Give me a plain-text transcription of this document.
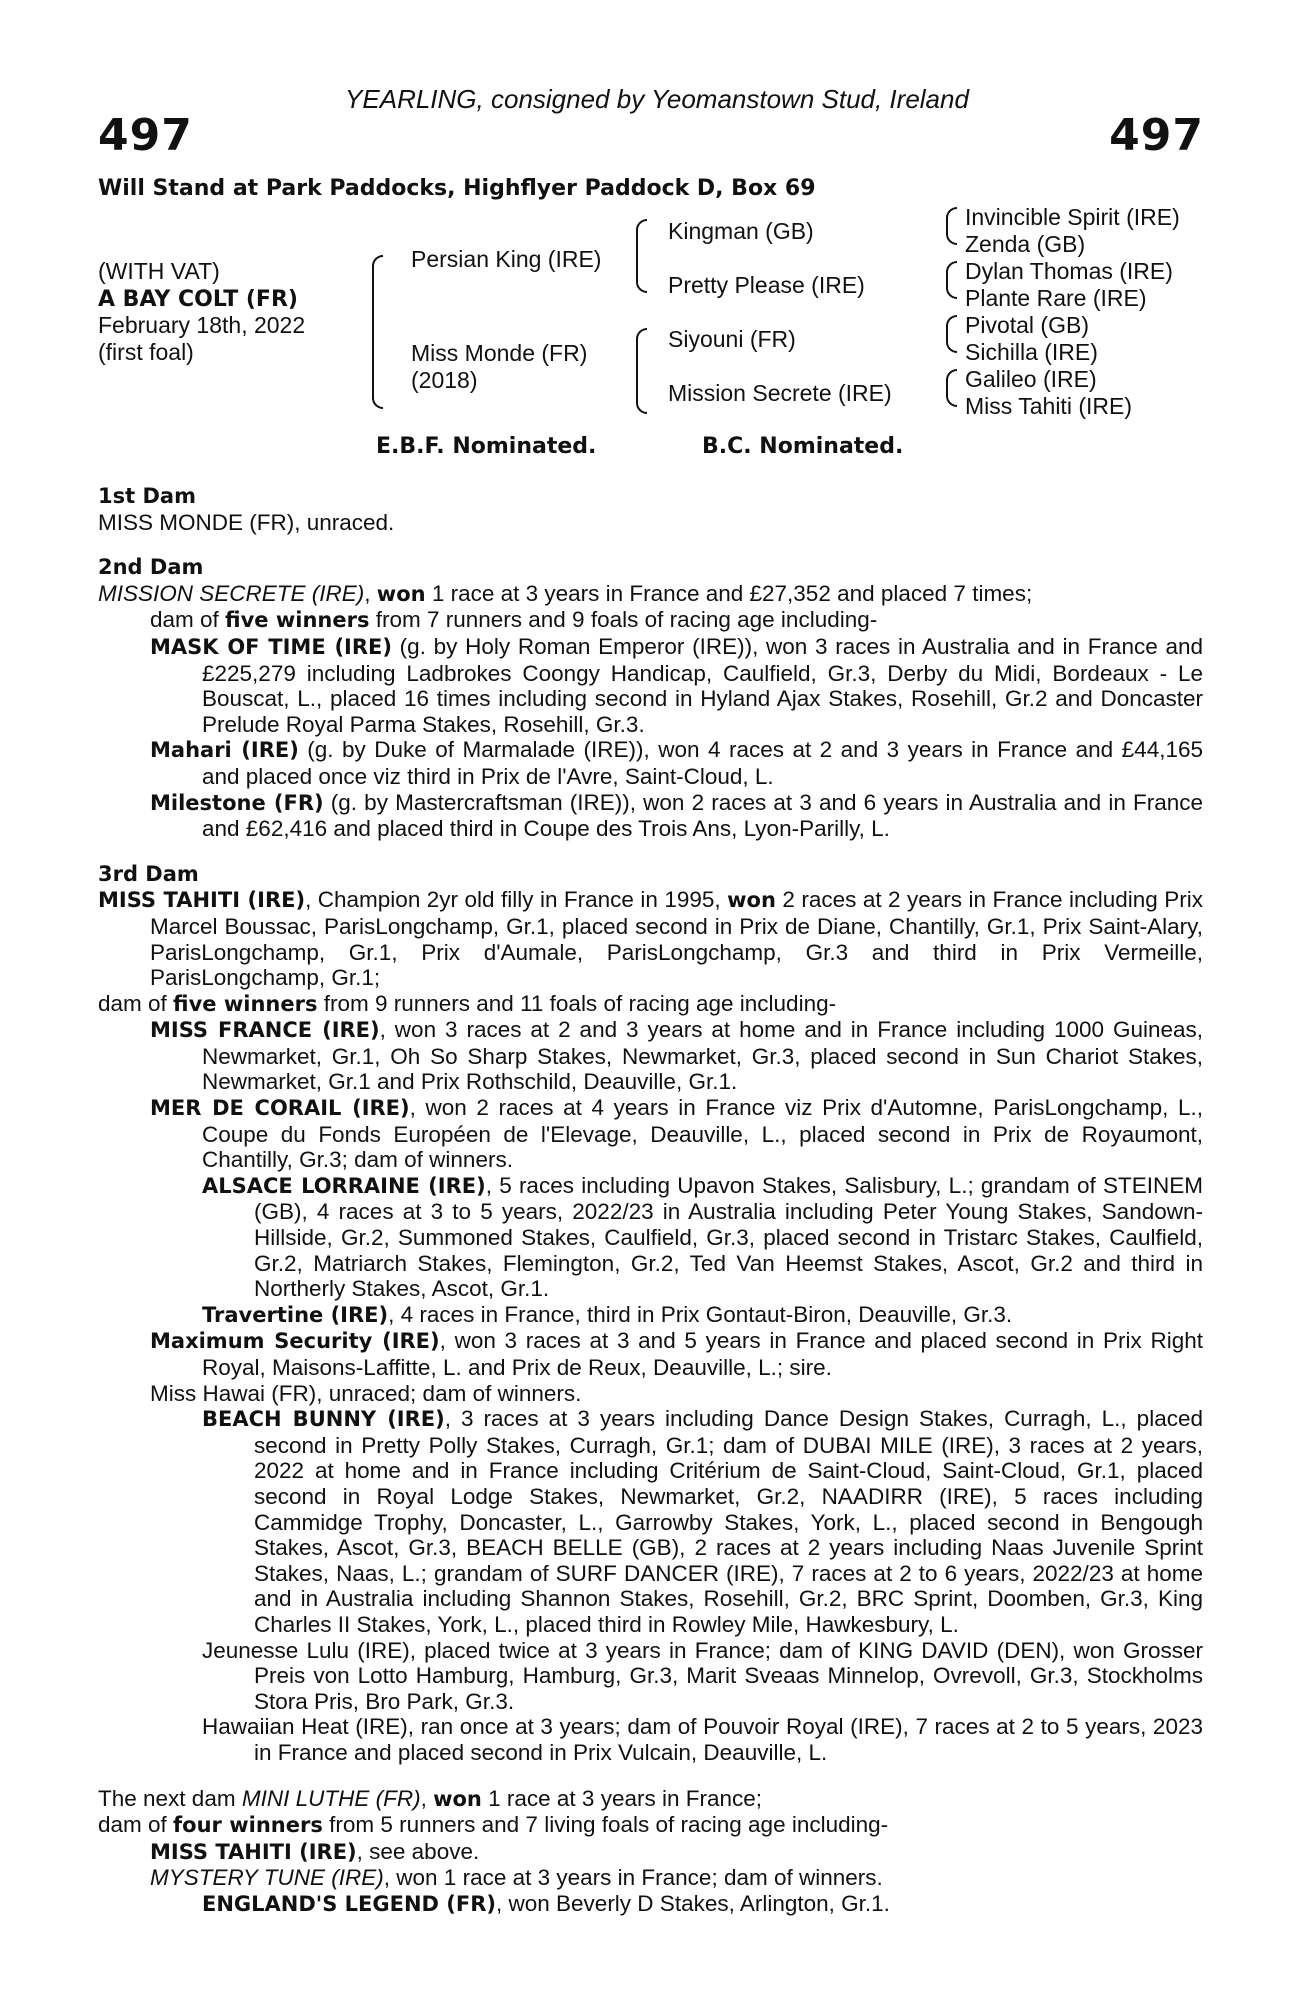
YEARLING, consigned by Yeomanstown Stud, Ireland
497	497
Will Stand at Park Paddocks, Highflyer Paddock D, Box 69
(WITH VAT)
A BAY COLT (FR)
February 18th, 2022
(first foal)
Persian King (IRE)
Miss Monde (FR)
(2018)
Kingman (GB)
Pretty Please (IRE)
Siyouni (FR)
Mission Secrete (IRE)
Invincible Spirit (IRE)
Zenda (GB)
Dylan Thomas (IRE)
Plante Rare (IRE)
Pivotal (GB)
Sichilla (IRE)
Galileo (IRE)
Miss Tahiti (IRE)
E.B.F. Nominated.	B.C. Nominated.

1st Dam

MISS MONDE (FR), unraced.

2nd Dam

MISSION SECRETE (IRE), won 1 race at 3 years in France and £27,352 and placed 7 times;
dam of five winners from 7 runners and 9 foals of racing age including-

MASK OF TIME (IRE) (g. by Holy Roman Emperor (IRE)), won 3 races in Australia and in France and £225,279 including Ladbrokes Coongy Handicap, Caulfield, Gr.3, Derby du Midi, Bordeaux - Le Bouscat, L., placed 16 times including second in Hyland Ajax Stakes, Rosehill, Gr.2 and Doncaster Prelude Royal Parma Stakes, Rosehill, Gr.3.

Mahari (IRE) (g. by Duke of Marmalade (IRE)), won 4 races at 2 and 3 years in France and £44,165 and placed once viz third in Prix de l'Avre, Saint-Cloud, L.

Milestone (FR) (g. by Mastercraftsman (IRE)), won 2 races at 3 and 6 years in Australia and in France and £62,416 and placed third in Coupe des Trois Ans, Lyon-Parilly, L.

3rd Dam

MISS TAHITI (IRE), Champion 2yr old filly in France in 1995, won 2 races at 2 years in France including Prix Marcel Boussac, ParisLongchamp, Gr.1, placed second in Prix de Diane, Chantilly, Gr.1, Prix Saint-Alary, ParisLongchamp, Gr.1, Prix d'Aumale, ParisLongchamp, Gr.3 and third in Prix Vermeille, ParisLongchamp, Gr.1;

dam of five winners from 9 runners and 11 foals of racing age including-

MISS FRANCE (IRE), won 3 races at 2 and 3 years at home and in France including 1000 Guineas, Newmarket, Gr.1, Oh So Sharp Stakes, Newmarket, Gr.3, placed second in Sun Chariot Stakes, Newmarket, Gr.1 and Prix Rothschild, Deauville, Gr.1.

MER DE CORAIL (IRE), won 2 races at 4 years in France viz Prix d'Automne, ParisLongchamp, L., Coupe du Fonds Européen de l'Elevage, Deauville, L., placed second in Prix de Royaumont, Chantilly, Gr.3; dam of winners.

ALSACE LORRAINE (IRE), 5 races including Upavon Stakes, Salisbury, L.; grandam of STEINEM (GB), 4 races at 3 to 5 years, 2022/23 in Australia including Peter Young Stakes, Sandown-Hillside, Gr.2, Summoned Stakes, Caulfield, Gr.3, placed second in Tristarc Stakes, Caulfield, Gr.2, Matriarch Stakes, Flemington, Gr.2, Ted Van Heemst Stakes, Ascot, Gr.2 and third in Northerly Stakes, Ascot, Gr.1.

Travertine (IRE), 4 races in France, third in Prix Gontaut-Biron, Deauville, Gr.3.

Maximum Security (IRE), won 3 races at 3 and 5 years in France and placed second in Prix Right Royal, Maisons-Laffitte, L. and Prix de Reux, Deauville, L.; sire.

Miss Hawai (FR), unraced; dam of winners.

BEACH BUNNY (IRE), 3 races at 3 years including Dance Design Stakes, Curragh, L., placed second in Pretty Polly Stakes, Curragh, Gr.1; dam of DUBAI MILE (IRE), 3 races at 2 years, 2022 at home and in France including Critérium de Saint-Cloud, Saint-Cloud, Gr.1, placed second in Royal Lodge Stakes, Newmarket, Gr.2, NAADIRR (IRE), 5 races including Cammidge Trophy, Doncaster, L., Garrowby Stakes, York, L., placed second in Bengough Stakes, Ascot, Gr.3, BEACH BELLE (GB), 2 races at 2 years including Naas Juvenile Sprint Stakes, Naas, L.; grandam of SURF DANCER (IRE), 7 races at 2 to 6 years, 2022/23 at home and in Australia including Shannon Stakes, Rosehill, Gr.2, BRC Sprint, Doomben, Gr.3, King Charles II Stakes, York, L., placed third in Rowley Mile, Hawkesbury, L.

Jeunesse Lulu (IRE), placed twice at 3 years in France; dam of KING DAVID (DEN), won Grosser Preis von Lotto Hamburg, Hamburg, Gr.3, Marit Sveaas Minnelop, Ovrevoll, Gr.3, Stockholms Stora Pris, Bro Park, Gr.3.

Hawaiian Heat (IRE), ran once at 3 years; dam of Pouvoir Royal (IRE), 7 races at 2 to 5 years, 2023 in France and placed second in Prix Vulcain, Deauville, L.

The next dam MINI LUTHE (FR), won 1 race at 3 years in France;

dam of four winners from 5 runners and 7 living foals of racing age including-

MISS TAHITI (IRE), see above.

MYSTERY TUNE (IRE), won 1 race at 3 years in France; dam of winners.

ENGLAND'S LEGEND (FR), won Beverly D Stakes, Arlington, Gr.1.
